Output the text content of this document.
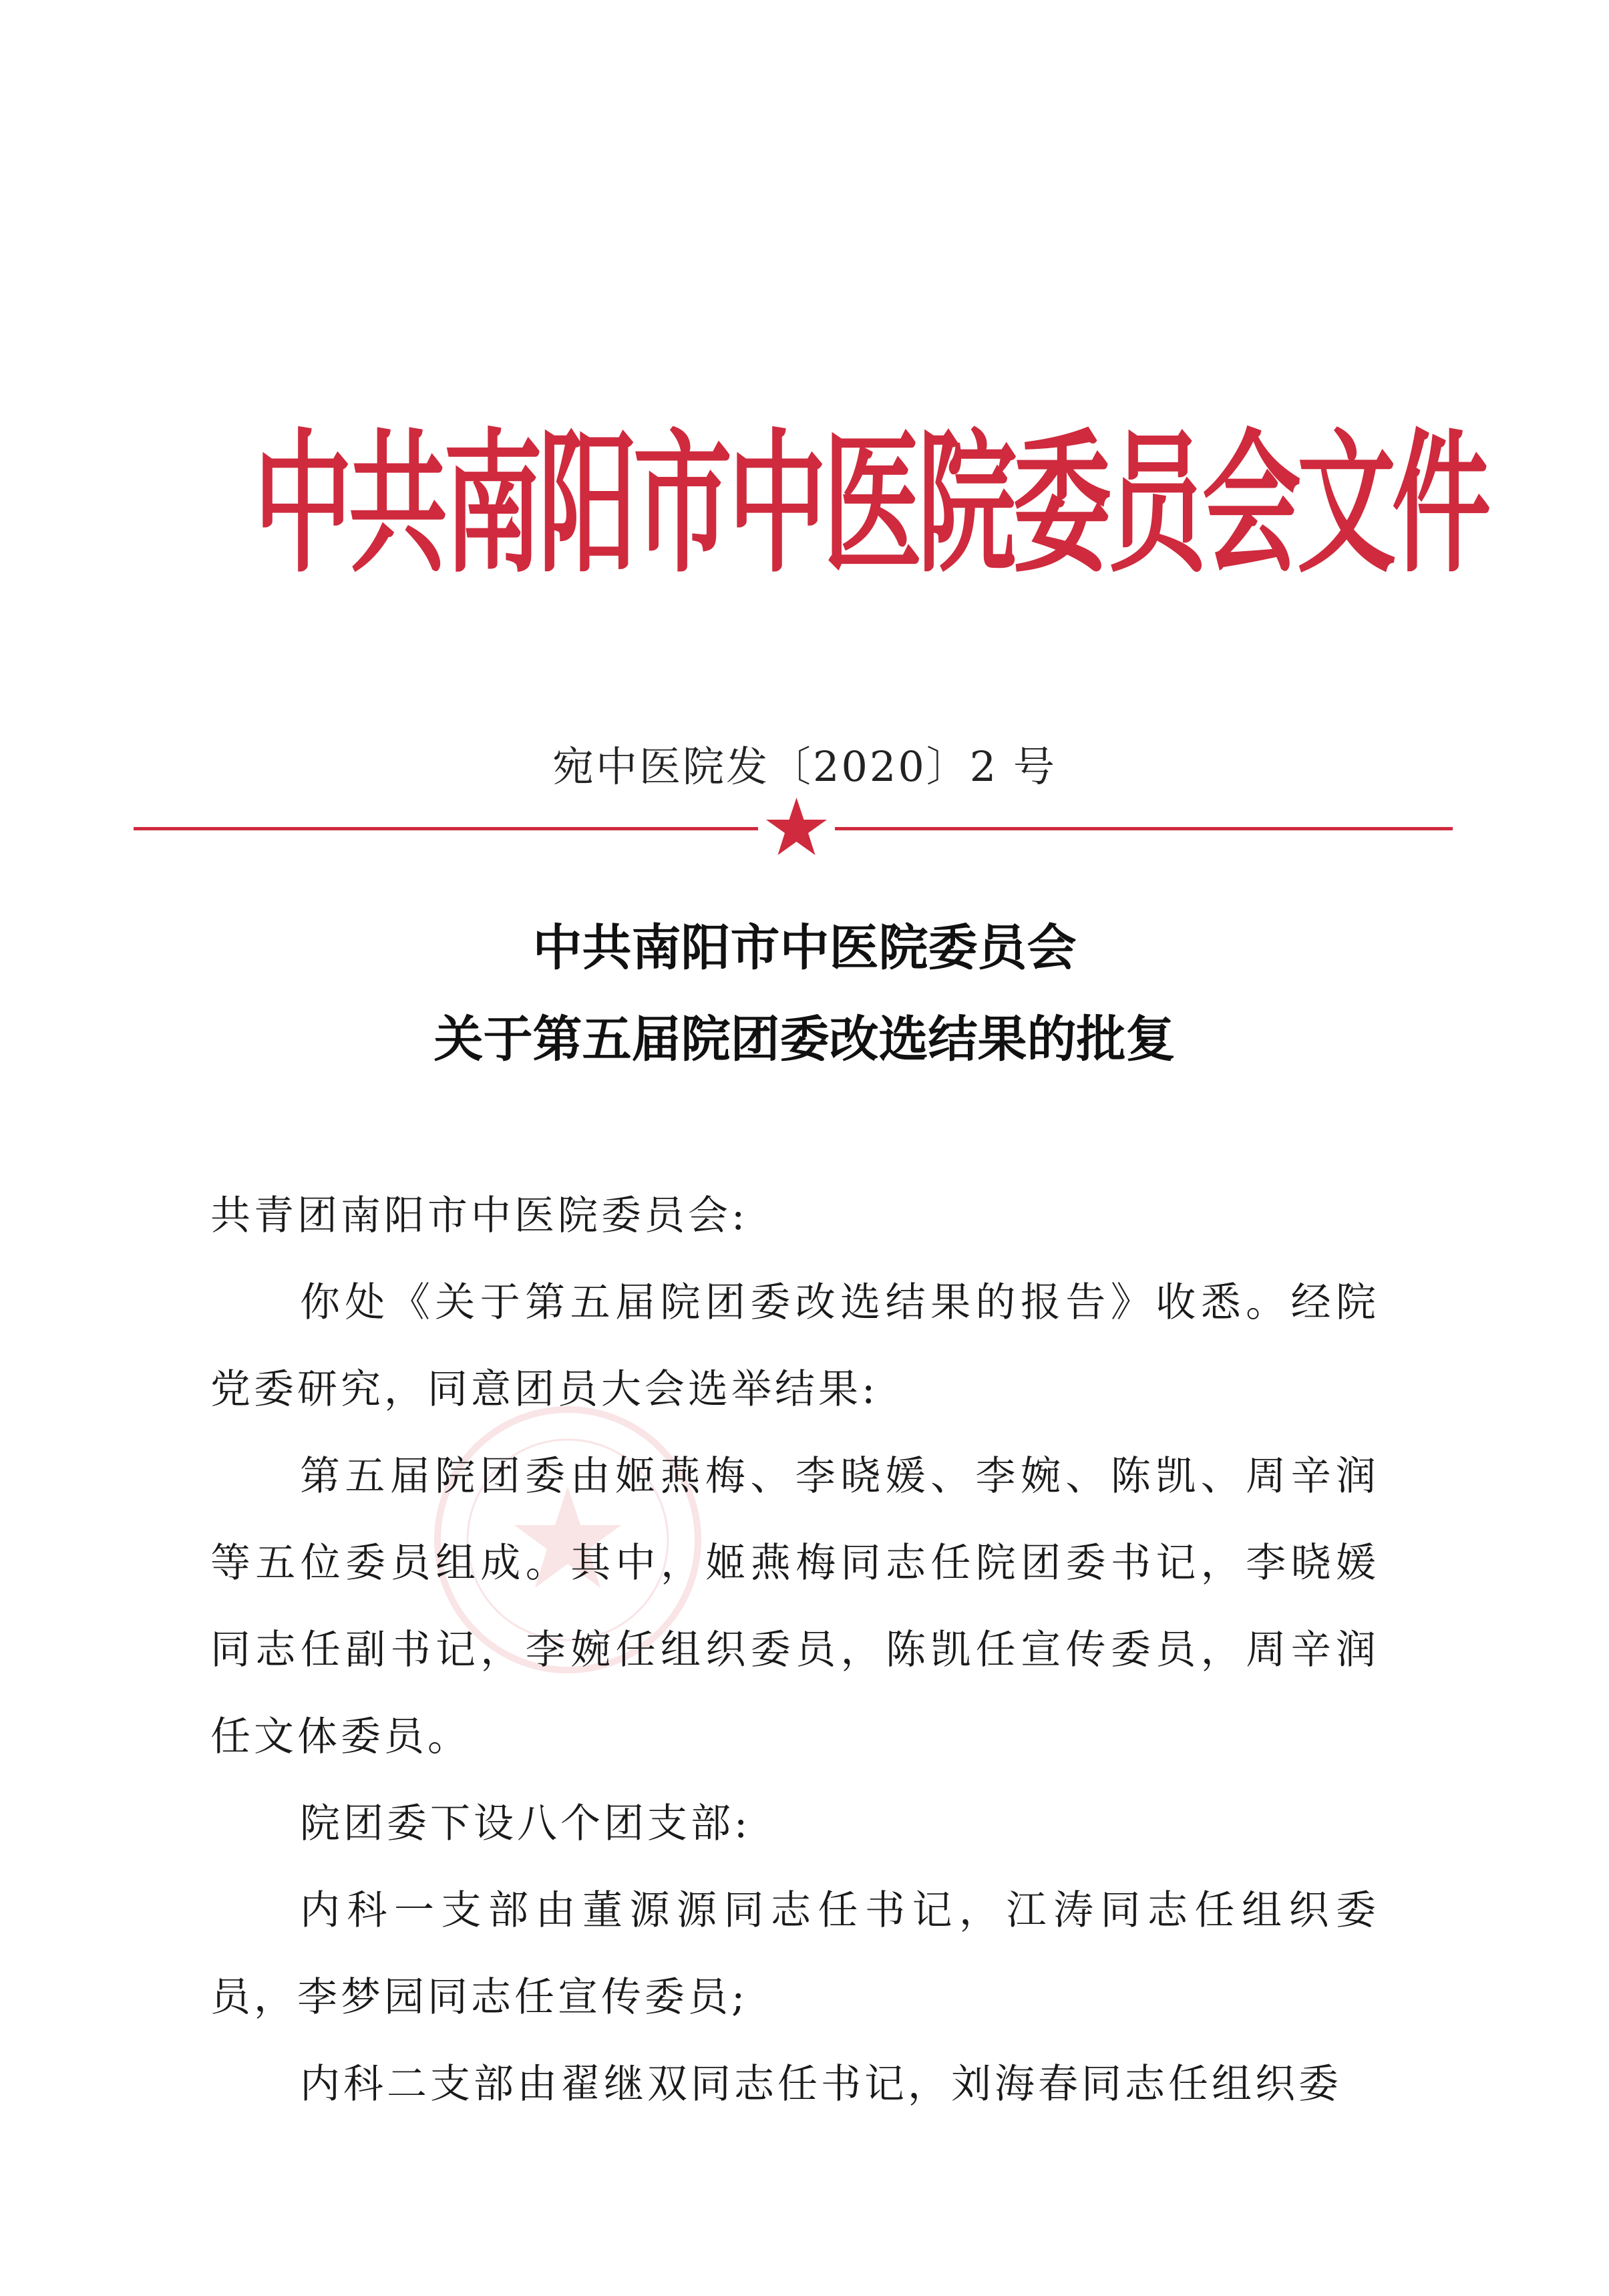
中共南阳市中医院委员会文件
宛中医院发〔2020〕2 号
中共南阳市中医院委员会
关于第五届院团委改选结果的批复

共青团南阳市中医院委员会:

你处《关于第五届院团委改选结果的报告》收悉。经院党委研究，同意团员大会选举结果:

第五届院团委由姬燕梅、李晓媛、李婉、陈凯、周辛润等五位委员组成。其中，姬燕梅同志任院团委书记，李晓媛同志任副书记，李婉任组织委员，陈凯任宣传委员，周辛润任文体委员。

院团委下设八个团支部:

内科一支部由董源源同志任书记，江涛同志任组织委员，李梦园同志任宣传委员;

内科二支部由翟继双同志任书记，刘海春同志任组织委
